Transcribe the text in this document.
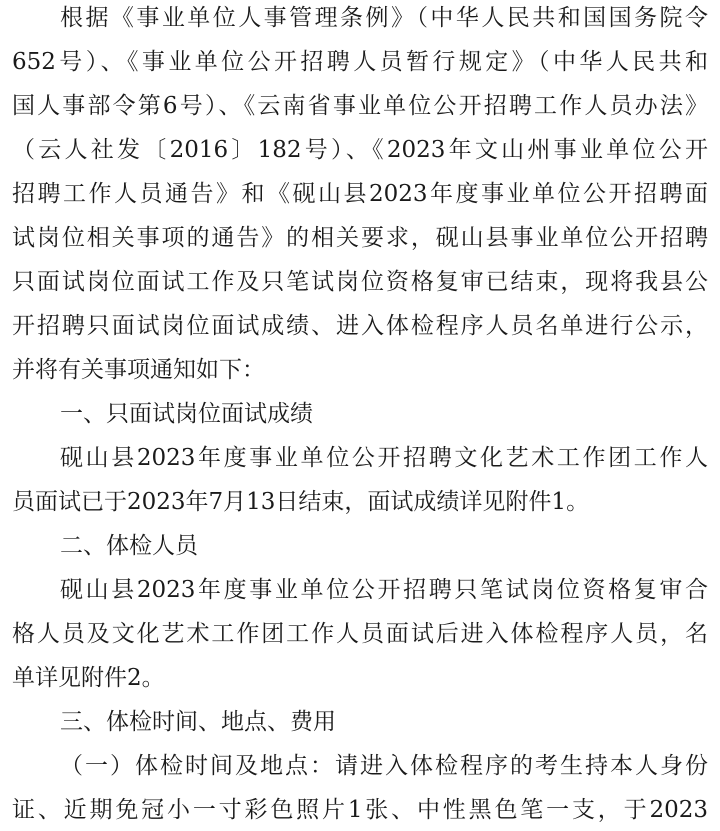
根据《事业单位人事管理条例》（中华人民共和国国务院令
652号）、《事业单位公开招聘人员暂行规定》（中华人民共和
国人事部令第6号）、《云南省事业单位公开招聘工作人员办法》
（云人社发〔2016〕182号）、《2023年文山州事业单位公开
招聘工作人员通告》和《砚山县2023年度事业单位公开招聘面
试岗位相关事项的通告》的相关要求，砚山县事业单位公开招聘
只面试岗位面试工作及只笔试岗位资格复审已结束，现将我县公
开招聘只面试岗位面试成绩、进入体检程序人员名单进行公示，
并将有关事项通知如下：
一、只面试岗位面试成绩
砚山县2023年度事业单位公开招聘文化艺术工作团工作人
员面试已于2023年7月13日结束，面试成绩详见附件1。
二、体检人员
砚山县2023年度事业单位公开招聘只笔试岗位资格复审合
格人员及文化艺术工作团工作人员面试后进入体检程序人员，名
单详见附件2。
三、体检时间、地点、费用
（一）体检时间及地点：请进入体检程序的考生持本人身份
证、近期免冠小一寸彩色照片1张、中性黑色笔一支，于2023
